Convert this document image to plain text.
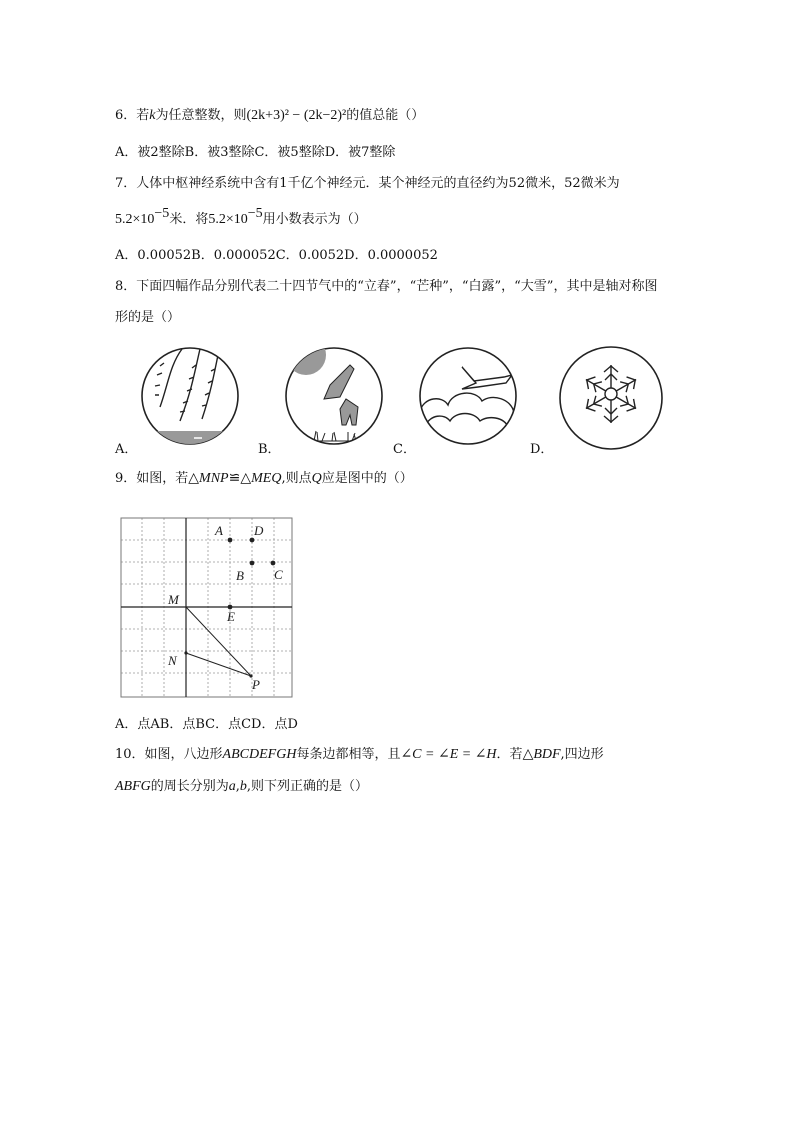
6．若k为任意整数，则(2k+3)² − (2k−2)²的值总能（）
A．被2整除B．被3整除C．被5整除D．被7整除
7．人体中枢神经系统中含有1千亿个神经元．某个神经元的直径约为52微米，52微米为
$5.2\times 10^{-5}$米．将$5.2\times 10^{-5}$用小数表示为（）
A．0.00052B．0.000052C．0.0052D．0.0000052
8．下面四幅作品分别代表二十四节气中的“立春”，“芒种”，“白露”，“大雪”，其中是轴对称图
形的是（）
A．	B．	C．	D．
9．如图，若△MNP≌△MEQ,则点Q应是图中的（）
A D
B C
E
M
N
P
A．点AB．点BC．点CD．点D
10．如图，八边形ABCDEFGH每条边都相等，且∠C = ∠E = ∠H．若△BDF,四边形
ABFG的周长分别为a,b,则下列正确的是（）
